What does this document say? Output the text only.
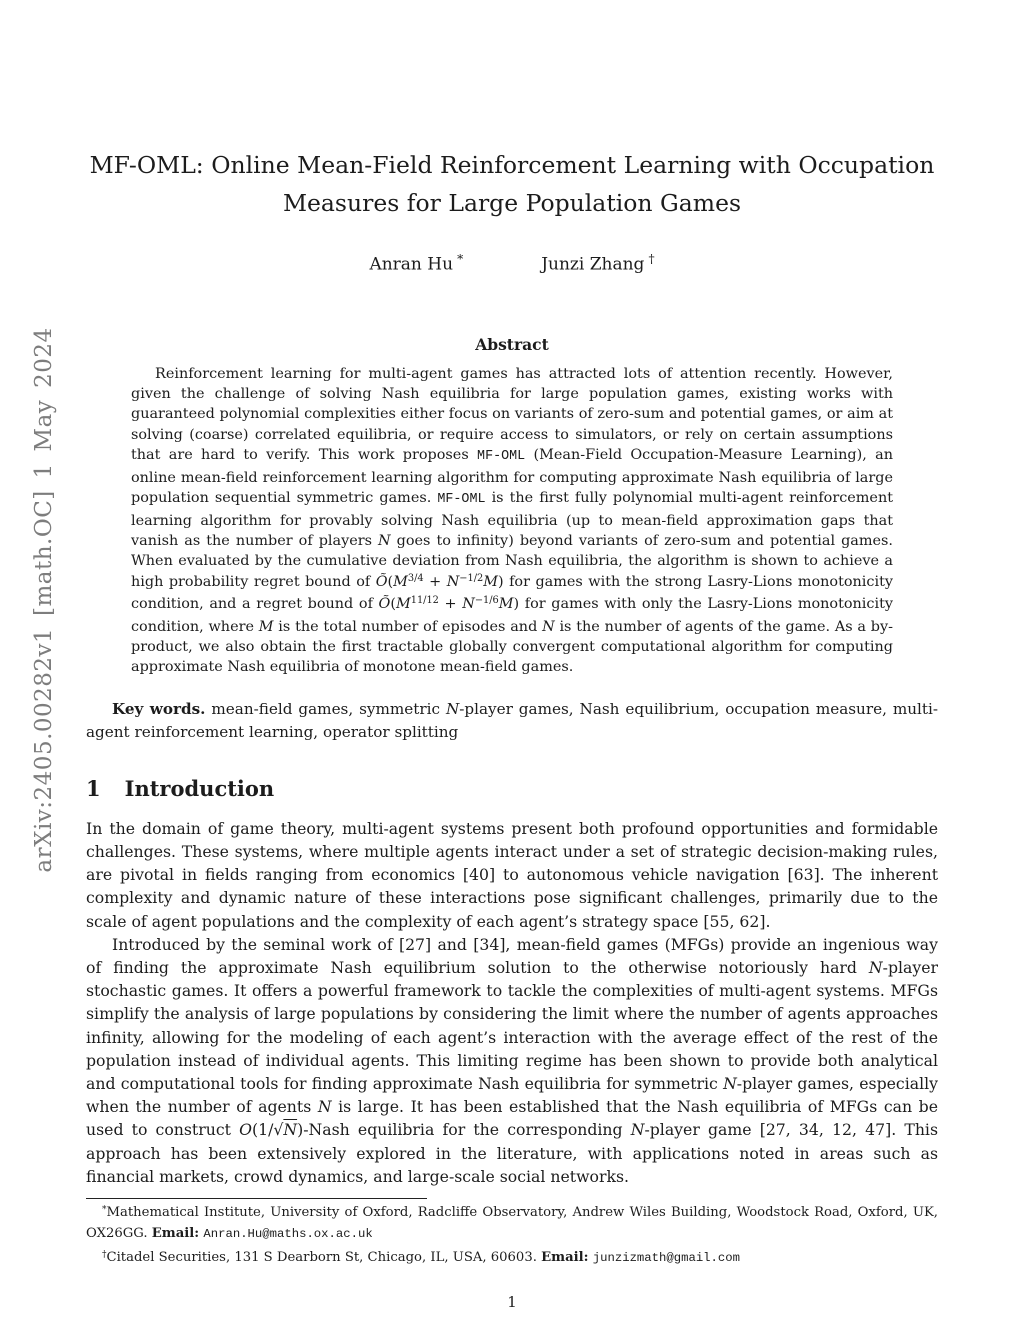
arXiv:2405.00282v1 [math.OC] 1 May 2024
MF-OML: Online Mean-Field Reinforcement Learning with Occupation Measures for Large Population Games
Anran Hu *	Junzi Zhang †
Abstract

Reinforcement learning for multi-agent games has attracted lots of attention recently. However, given the challenge of solving Nash equilibria for large population games, existing works with guaranteed polynomial complexities either focus on variants of zero-sum and potential games, or aim at solving (coarse) correlated equilibria, or require access to simulators, or rely on certain assumptions that are hard to verify. This work proposes MF-OML (Mean-Field Occupation-Measure Learning), an online mean-field reinforcement learning algorithm for computing approximate Nash equilibria of large population sequential symmetric games. MF-OML is the first fully polynomial multi-agent reinforcement learning algorithm for provably solving Nash equilibria (up to mean-field approximation gaps that vanish as the number of players N goes to infinity) beyond variants of zero-sum and potential games. When evaluated by the cumulative deviation from Nash equilibria, the algorithm is shown to achieve a high probability regret bound of $Õ(M^{3/4} + N^{-1/2}M)$ for games with the strong Lasry-Lions monotonicity condition, and a regret bound of $Õ(M^{11/12} + N^{-1/6}M)$ for games with only the Lasry-Lions monotonicity condition, where M is the total number of episodes and N is the number of agents of the game. As a by-product, we also obtain the first tractable globally convergent computational algorithm for computing approximate Nash equilibria of monotone mean-field games.

Key words. mean-field games, symmetric N-player games, Nash equilibrium, occupation measure, multi-agent reinforcement learning, operator splitting

1 Introduction

In the domain of game theory, multi-agent systems present both profound opportunities and formidable challenges. These systems, where multiple agents interact under a set of strategic decision-making rules, are pivotal in fields ranging from economics [40] to autonomous vehicle navigation [63]. The inherent complexity and dynamic nature of these interactions pose significant challenges, primarily due to the scale of agent populations and the complexity of each agent’s strategy space [55, 62].

Introduced by the seminal work of [27] and [34], mean-field games (MFGs) provide an ingenious way of finding the approximate Nash equilibrium solution to the otherwise notoriously hard N-player stochastic games. It offers a powerful framework to tackle the complexities of multi-agent systems. MFGs simplify the analysis of large populations by considering the limit where the number of agents approaches infinity, allowing for the modeling of each agent’s interaction with the average effect of the rest of the population instead of individual agents. This limiting regime has been shown to provide both analytical and computational tools for finding approximate Nash equilibria for symmetric N-player games, especially when the number of agents N is large. It has been established that the Nash equilibria of MFGs can be used to construct O(1/√N)-Nash equilibria for the corresponding N-player game [27, 34, 12, 47]. This approach has been extensively explored in the literature, with applications noted in areas such as financial markets, crowd dynamics, and large-scale social networks.

*Mathematical Institute, University of Oxford, Radcliffe Observatory, Andrew Wiles Building, Woodstock Road, Oxford, UK, OX26GG. Email: Anran.Hu@maths.ox.ac.uk

†Citadel Securities, 131 S Dearborn St, Chicago, IL, USA, 60603. Email: junzizmath@gmail.com

1
